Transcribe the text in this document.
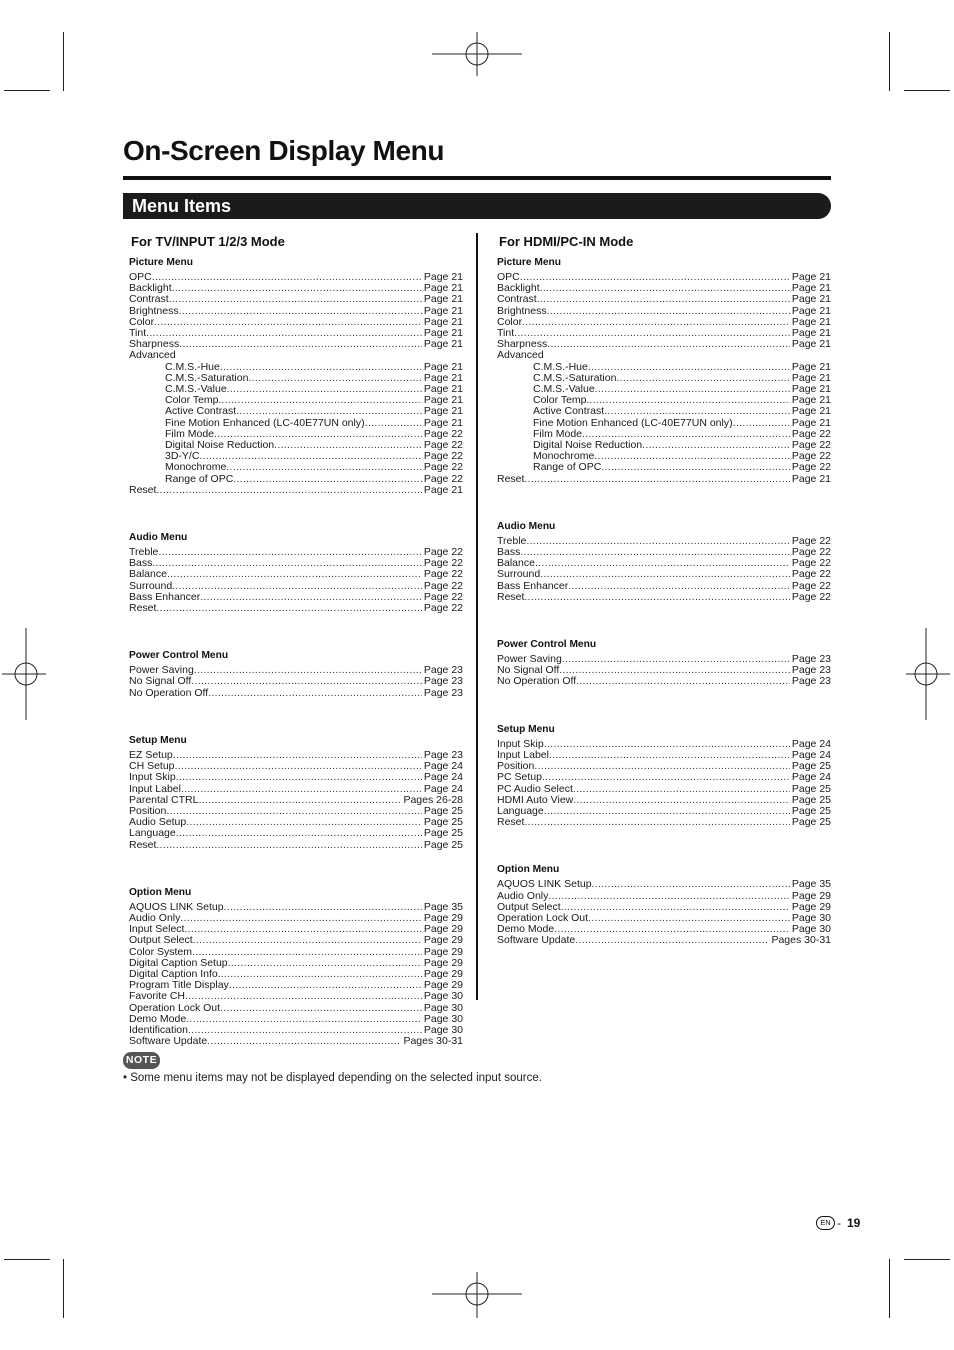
On-Screen Display Menu
Menu Items
For TV/INPUT 1/2/3 Mode
Picture Menu
OPC .....	Page 21
Backlight .....	Page 21
Contrast .....	Page 21
Brightness .....	Page 21
Color .....	Page 21
Tint .....	Page 21
Sharpness .....	Page 21
Advanced
C.M.S.-Hue .....	Page 21
C.M.S.-Saturation .....	Page 21
C.M.S.-Value .....	Page 21
Color Temp. .....	Page 21
Active Contrast .....	Page 21
Fine Motion Enhanced (LC-40E77UN only) .....	Page 21
Film Mode .....	Page 22
Digital Noise Reduction .....	Page 22
3D-Y/C .....	Page 22
Monochrome .....	Page 22
Range of OPC .....	Page 22
Reset .....	Page 21
Audio Menu
Treble .....	Page 22
Bass .....	Page 22
Balance .....	Page 22
Surround .....	Page 22
Bass Enhancer .....	Page 22
Reset .....	Page 22
Power Control Menu
Power Saving .....	Page 23
No Signal Off .....	Page 23
No Operation Off .....	Page 23
Setup Menu
EZ Setup .....	Page 23
CH Setup .....	Page 24
Input Skip .....	Page 24
Input Label .....	Page 24
Parental CTRL .....	Pages 26-28
Position .....	Page 25
Audio Setup .....	Page 25
Language .....	Page 25
Reset .....	Page 25
Option Menu
AQUOS LINK Setup .....	Page 35
Audio Only .....	Page 29
Input Select .....	Page 29
Output Select .....	Page 29
Color System .....	Page 29
Digital Caption Setup .....	Page 29
Digital Caption Info. .....	Page 29
Program Title Display .....	Page 29
Favorite CH .....	Page 30
Operation Lock Out .....	Page 30
Demo Mode .....	Page 30
Identification .....	Page 30
Software Update .....	Pages 30-31
For HDMI/PC-IN Mode
Picture Menu
OPC .....	Page 21
Backlight .....	Page 21
Contrast .....	Page 21
Brightness .....	Page 21
Color .....	Page 21
Tint .....	Page 21
Sharpness .....	Page 21
Advanced
C.M.S.-Hue .....	Page 21
C.M.S.-Saturation .....	Page 21
C.M.S.-Value .....	Page 21
Color Temp. .....	Page 21
Active Contrast .....	Page 21
Fine Motion Enhanced (LC-40E77UN only) .....	Page 21
Film Mode .....	Page 22
Digital Noise Reduction .....	Page 22
Monochrome .....	Page 22
Range of OPC .....	Page 22
Reset .....	Page 21
Audio Menu
Treble .....	Page 22
Bass .....	Page 22
Balance .....	Page 22
Surround .....	Page 22
Bass Enhancer .....	Page 22
Reset .....	Page 22
Power Control Menu
Power Saving .....	Page 23
No Signal Off .....	Page 23
No Operation Off .....	Page 23
Setup Menu
Input Skip .....	Page 24
Input Label .....	Page 24
Position .....	Page 25
PC Setup .....	Page 24
PC Audio Select .....	Page 25
HDMI Auto View .....	Page 25
Language .....	Page 25
Reset .....	Page 25
Option Menu
AQUOS LINK Setup .....	Page 35
Audio Only .....	Page 29
Output Select .....	Page 29
Operation Lock Out .....	Page 30
Demo Mode .....	Page 30
Software Update .....	Pages 30-31
NOTE
• Some menu items may not be displayed depending on the selected input source.
EN - 19
